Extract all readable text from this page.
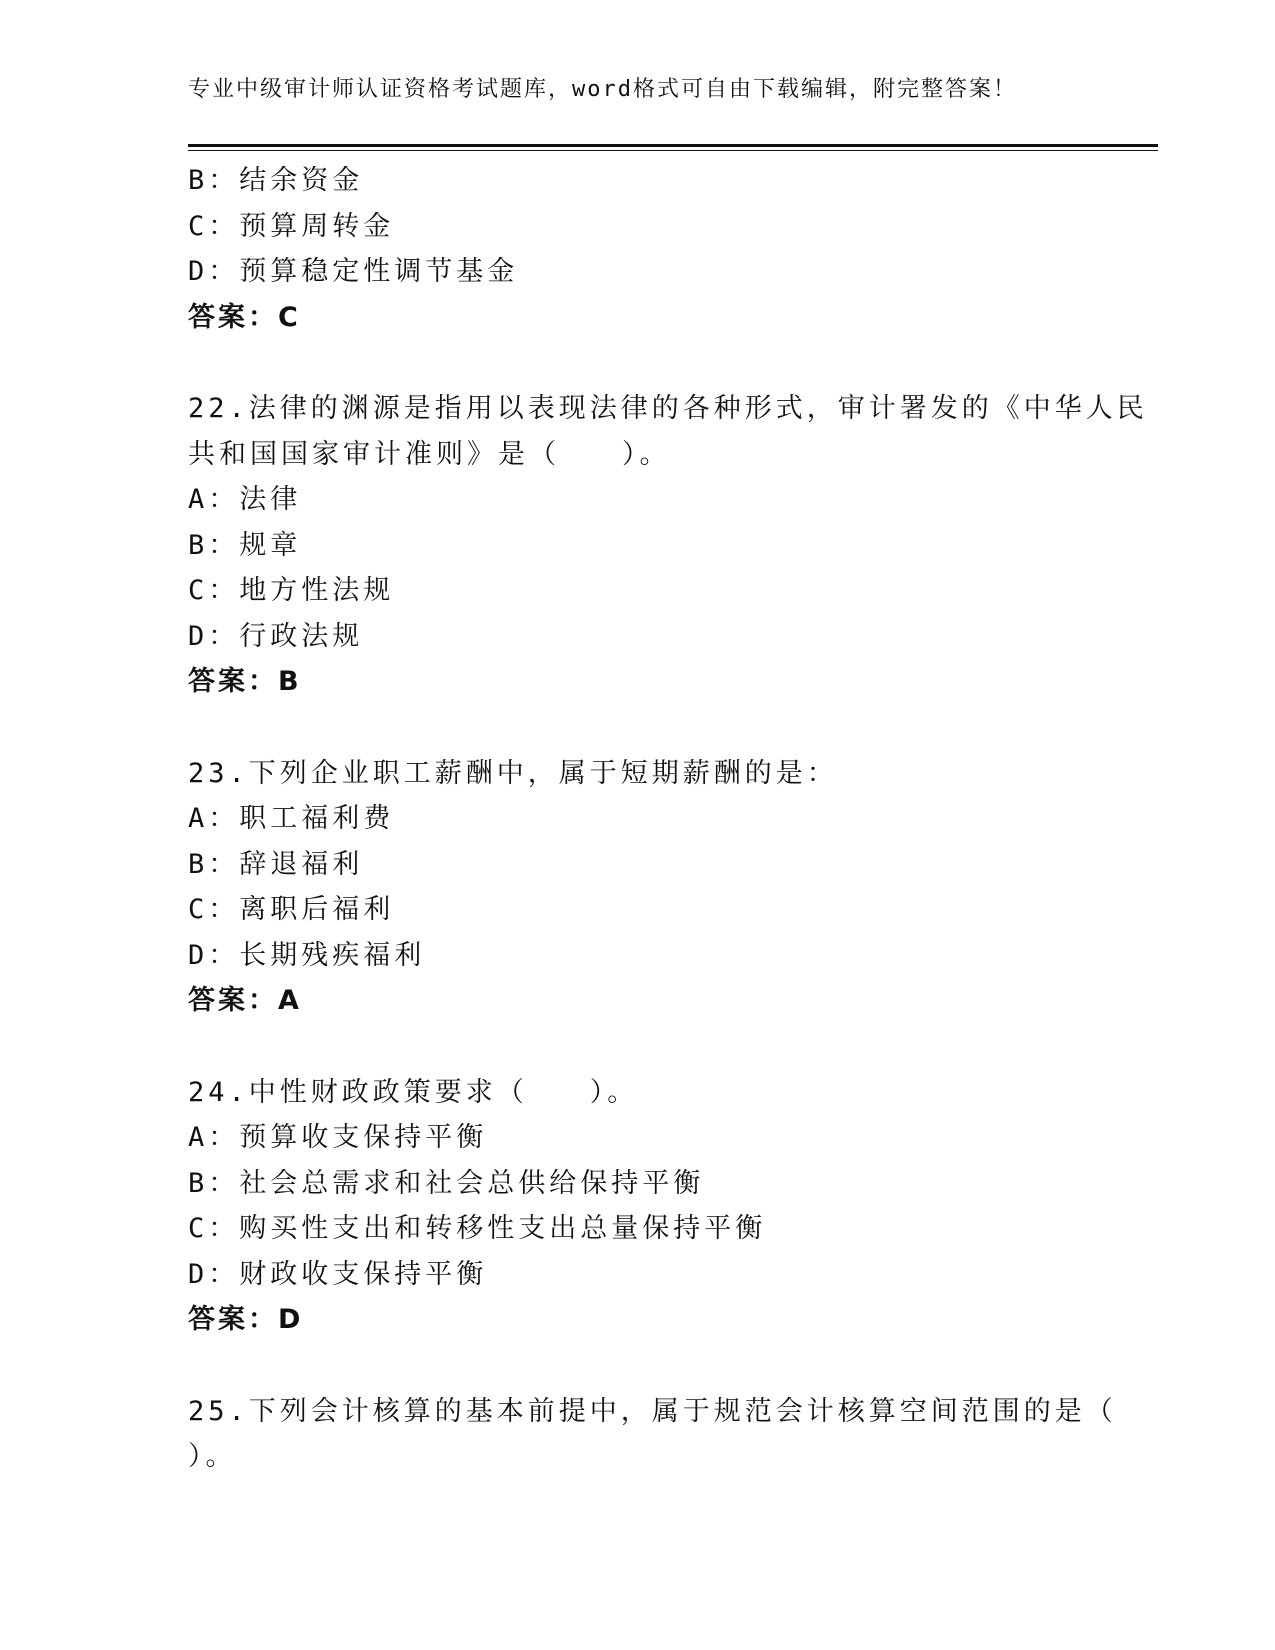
专业中级审计师认证资格考试题库，word格式可自由下载编辑，附完整答案！
B：结余资金
C：预算周转金
D：预算稳定性调节基金
答案：C
22.法律的渊源是指用以表现法律的各种形式，审计署发的《中华人民
共和国国家审计准则》是（　　）。
A：法律
B：规章
C：地方性法规
D：行政法规
答案：B
23.下列企业职工薪酬中，属于短期薪酬的是：
A：职工福利费
B：辞退福利
C：离职后福利
D：长期残疾福利
答案：A
24.中性财政政策要求（　　）。
A：预算收支保持平衡
B：社会总需求和社会总供给保持平衡
C：购买性支出和转移性支出总量保持平衡
D：财政收支保持平衡
答案：D
25.下列会计核算的基本前提中，属于规范会计核算空间范围的是（
）。
